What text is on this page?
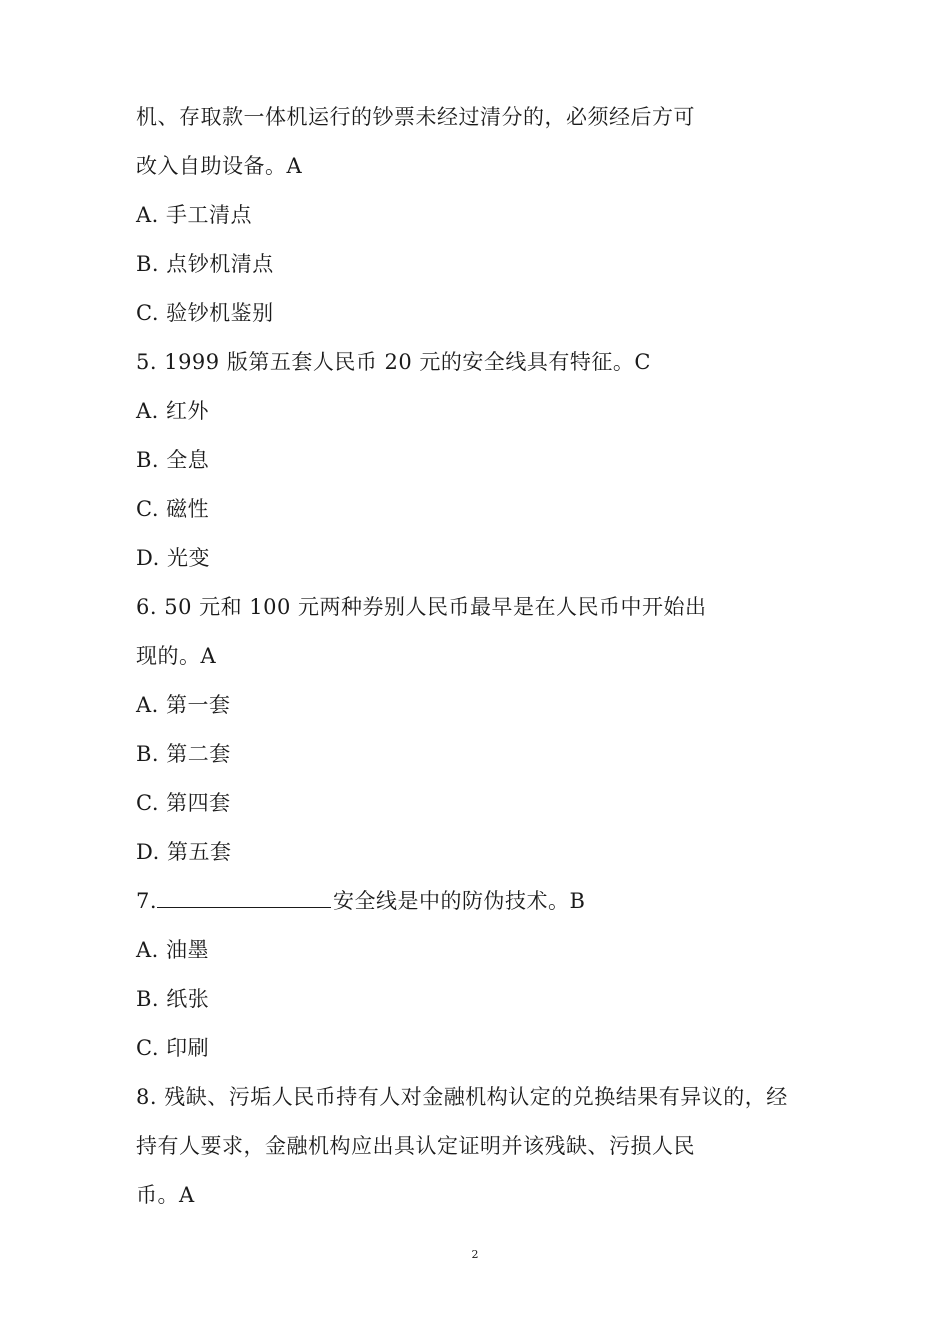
机、存取款一体机运行的钞票未经过清分的，必须经后方可
改入自助设备。A
A. 手工清点
B. 点钞机清点
C. 验钞机鉴别
5. 1999 版第五套人民币 20 元的安全线具有特征。C
A. 红外
B. 全息
C. 磁性
D. 光变
6. 50 元和 100 元两种券别人民币最早是在人民币中开始出
现的。A
A. 第一套
B. 第二套
C. 第四套
D. 第五套
7.	安全线是中的防伪技术。B
A. 油墨
B. 纸张
C. 印刷
8. 残缺、污垢人民币持有人对金融机构认定的兑换结果有异议的，经
持有人要求，金融机构应出具认定证明并该残缺、污损人民
币。A
2
